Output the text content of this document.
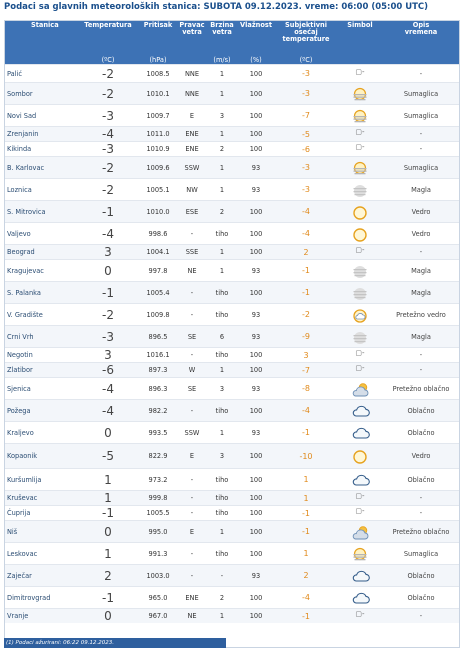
Podaci sa glavnih meteoroloških stanica: SUBOTA 09.12.2023. vreme: 06:00 (05:00 UTC)
Stanica	Temperatura	Pritisak	Pravac
vetra	Brzina
vetra	Vlažnost	Subjektivni
osećaj
temperature	Simbol	Opis
vremena
	(ºC)	(hPa)		(m/s)	(%)	(ºC)		
Palić	-2	1008.5	NNE	1	100	-3	▢-	-
Sombor	-2	1010.1	NNE	1	100	-3		Sumaglica
Novi Sad	-3	1009.7	E	3	100	-7		Sumaglica
Zrenjanin	-4	1011.0	ENE	1	100	-5	▢-	-
Kikinda	-3	1010.9	ENE	2	100	-6	▢-	-
B. Karlovac	-2	1009.6	SSW	1	93	-3		Sumaglica
Loznica	-2	1005.1	NW	1	93	-3		Magla
S. Mitrovica	-1	1010.0	ESE	2	100	-4		Vedro
Valjevo	-4	998.6	-	tiho	100	-4		Vedro
Beograd	3	1004.1	SSE	1	100	2	▢-	-
Kragujevac	0	997.8	NE	1	93	-1		Magla
S. Palanka	-1	1005.4	-	tiho	100	-1		Magla
V. Gradište	-2	1009.8	-	tiho	93	-2		Pretežno vedro
Crni Vrh	-3	896.5	SE	6	93	-9		Magla
Negotin	3	1016.1	-	tiho	100	3	▢-	-
Zlatibor	-6	897.3	W	1	100	-7	▢-	-
Sjenica	-4	896.3	SE	3	93	-8		Pretežno oblačno
Požega	-4	982.2	-	tiho	100	-4		Oblačno
Kraljevo	0	993.5	SSW	1	93	-1		Oblačno
Kopaonik	-5	822.9	E	3	100	-10		Vedro
Kuršumlija	1	973.2	-	tiho	100	1		Oblačno
Kruševac	1	999.8	-	tiho	100	1	▢-	-
Ćuprija	-1	1005.5	-	tiho	100	-1	▢-	-
Niš	0	995.0	E	1	100	-1		Pretežno oblačno
Leskovac	1	991.3	-	tiho	100	1		Sumaglica
Zaječar	2	1003.0	-	-	93	2		Oblačno
Dimitrovgrad	-1	965.0	ENE	2	100	-4		Oblačno
Vranje	0	967.0	NE	1	100	-1	▢-	-
(1) Podaci ažurirani: 06:22 09.12.2023.
